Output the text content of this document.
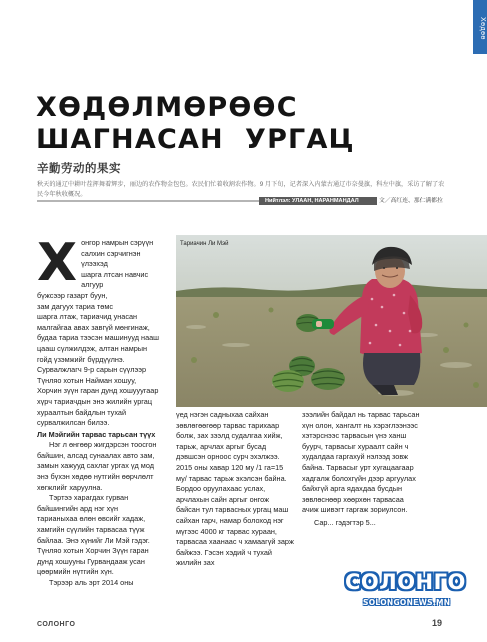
Хөдөө
ХӨДӨЛМӨРӨӨС
ШАГНАСАН  УРГАЦ
辛勤劳动的果实
秋天的通辽中耕叶茬挥舞着辉步，丽边的农作物金包包。农民们忙着收割农作物。9 月下旬，记者深入内蒙古通辽市奈曼旗，科左中旗，采访了解了农民今年秋收概况。
Нийтлэл: УЛААН, НАРАНМАНДАЛ	文／高红连、那仁满都拉
Х онгор намрын сэрүүн
салхин сэрчигнэн үлээхэд
шарга лтсан навчис алгуур
бүжсээр газарт буун,
зам дагуух тариа төмс

шарга лтаж, тариачид унасан малгайгаа авах завгүй мөнгинаж, будаа тариа тээсэн машинууд нааш цааш сүлжилдэж, алтан намрын гойд үзэмжийг бүрдүүлнэ. Сурвалжлагч 9-р сарын сүүлээр Түнляо хотын Найман хошуу, Хорчин зүүн гаран дунд хошууугаар хүрч тариачдын энэ жилийн ургац хураалтын байдлын тухай сурвалжилсан билээ.

Ли Мэйгийн тарвас тарьсан түүх

Нэг л өнгөөр жигдэрсэн тоосгон байшин, алсад сунаалах авто зам, замын хажууд сахлаг ургах үд мод энэ бүхэн хөдөө нутгийн өөрчлөлт хөгжлийг харуулна.

Тэртээ харагдах гурван байшингийн ард нэг хүн тарианыхаа өлөн өвсийг хадаж, хамгийн сүүлийн тарвасаа түүж байлаа. Энэ хүнийг Ли Мэй гэдэг. Түнляо хотын Хорчин Зүүн гаран дунд хошууны Гурвандааж усан цөөрмийн нүтгийн хүн.

Тэрээр аль эрт 2014 оны

Тариачин Ли Мэй

үед нэгэн садныхаа сайхан зөвлөгөөгөөр тарвас тарихаар болж, зах зээлд судалгаа хийж, тарьж, арчлах аргыг бусад дэвшсэн орноос сурч эхэлжээ. 2015 оны хавар 120 му /1 га=15 му/ тарвас тарьж эхэлсэн байна. Бордоо оруулахаас услах, арчлахын сайн аргыг онгож байсан тул тарвасных ургац маш сайхан гарч, намар болоход нэг мүгээс 4000 кг тарвас хураан, тарвасаа хаанаас ч хамаагүй зарж байжээ. Гэсэн хэдий ч тухай жилийн зах

зээлийн байдал нь тарвас тарьсан хүн олон, хангалт нь хэрэглээнээс хэтэрснээс тарвасын үнэ ханш буурч, тарвасыг хураалт сайн ч худалдаа гаргахуй нэлээд зовж байна. Тарвасыг урт хугацаагаар хадгалж болохгүйн дээр аргуулах байхгүй арга ядахдаа бусдын зөвлөснөөр хөөрхөн тарвасаа ачиж шивэгт гаргаж зориулсон.

Сар... гэдэгтэр 5...

СОЛОНГО	19
СОЛОНГО
SOLONGONEWS.MN
